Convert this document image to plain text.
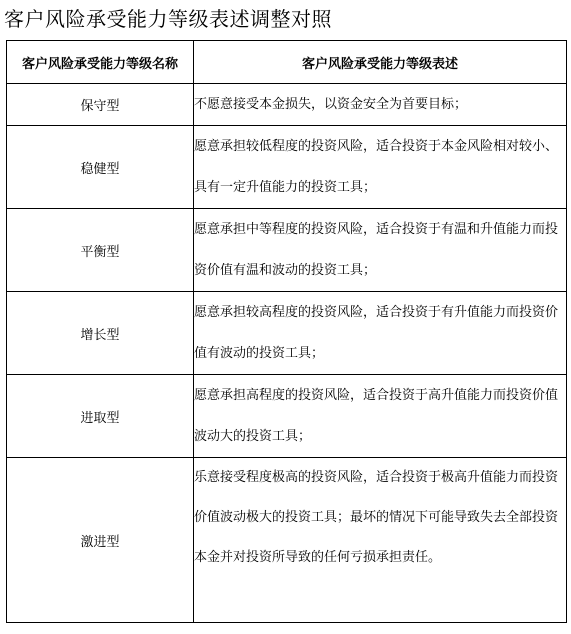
客户风险承受能力等级表述调整对照
客户风险承受能力等级名称	客户风险承受能力等级表述
保守型	不愿意接受本金损失，以资金安全为首要目标；
稳健型	愿意承担较低程度的投资风险，适合投资于本金风险相对较小、具有一定升值能力的投资工具；
平衡型	愿意承担中等程度的投资风险，适合投资于有温和升值能力而投资价值有温和波动的投资工具；
增长型	愿意承担较高程度的投资风险，适合投资于有升值能力而投资价值有波动的投资工具；
进取型	愿意承担高程度的投资风险，适合投资于高升值能力而投资价值波动大的投资工具；
激进型	乐意接受程度极高的投资风险，适合投资于极高升值能力而投资价值波动极大的投资工具；最坏的情况下可能导致失去全部投资本金并对投资所导致的任何亏损承担责任。
